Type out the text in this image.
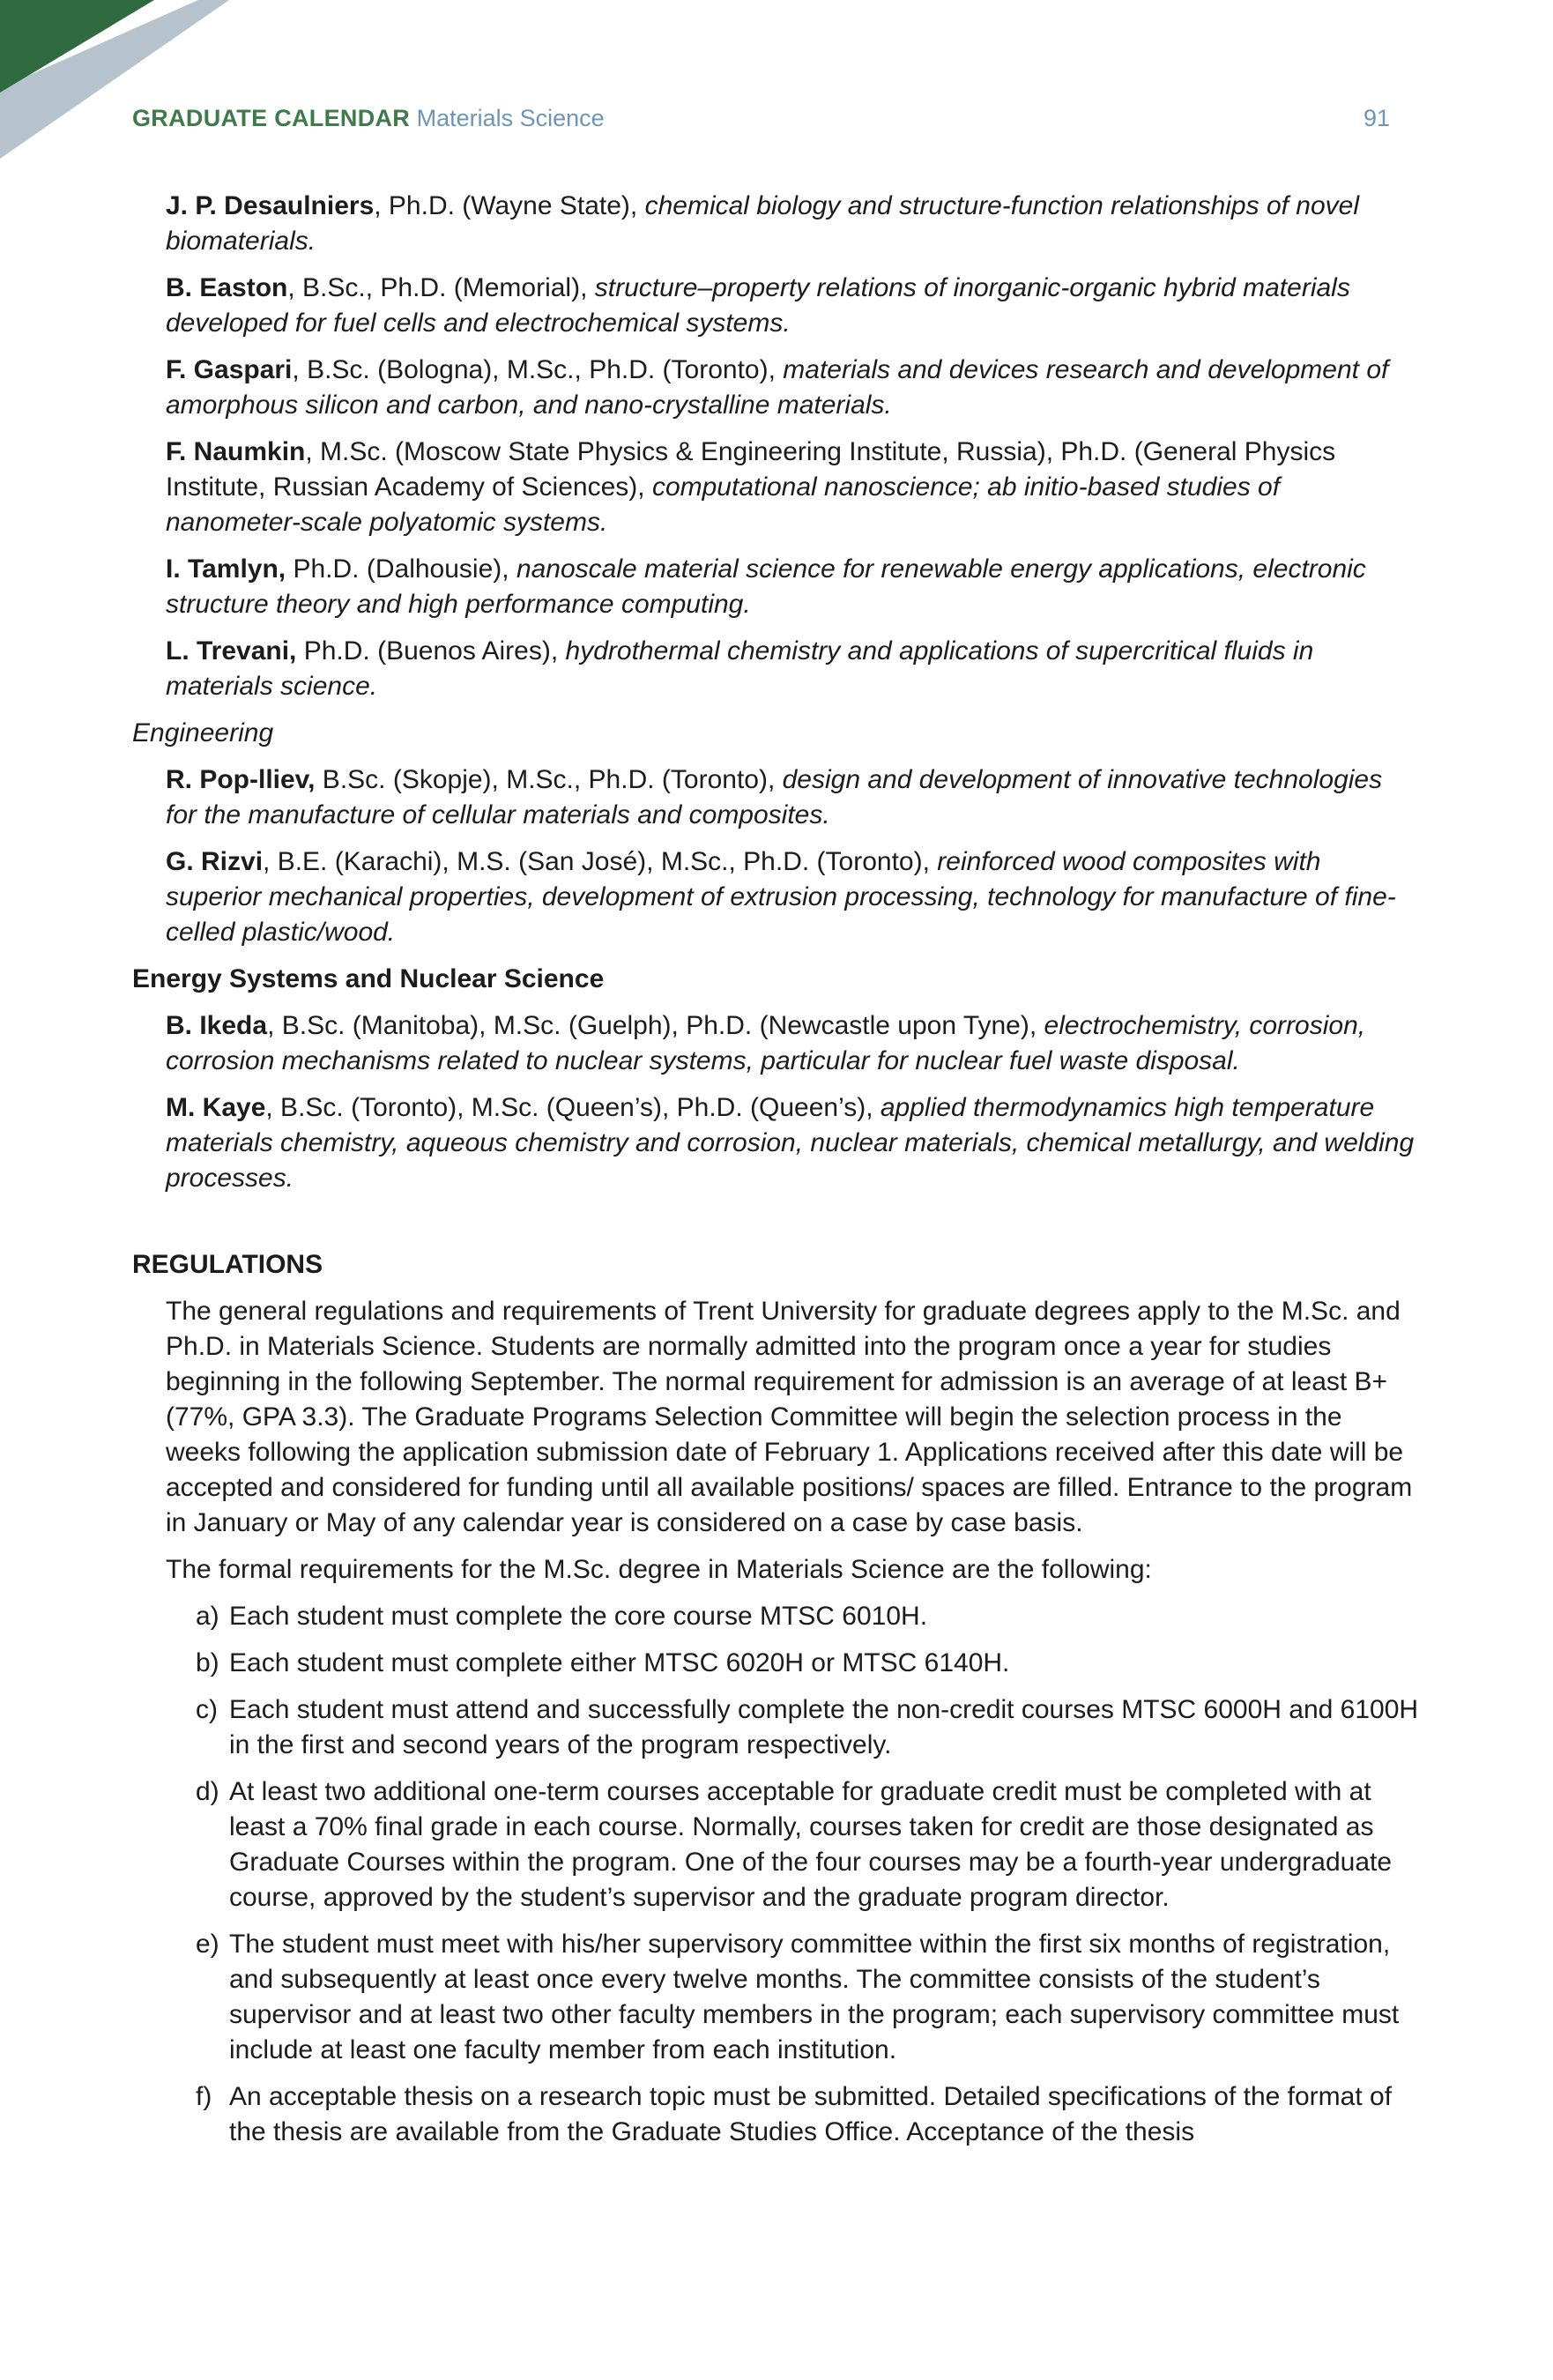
GRADUATE CALENDAR Materials Science	91
J. P. Desaulniers, Ph.D. (Wayne State), chemical biology and structure-function relationships of novel biomaterials.
B. Easton, B.Sc., Ph.D. (Memorial), structure–property relations of inorganic-organic hybrid materials developed for fuel cells and electrochemical systems.
F. Gaspari, B.Sc. (Bologna), M.Sc., Ph.D. (Toronto), materials and devices research and development of amorphous silicon and carbon, and nano-crystalline materials.
F. Naumkin, M.Sc. (Moscow State Physics & Engineering Institute, Russia), Ph.D. (General Physics Institute, Russian Academy of Sciences), computational nanoscience; ab initio-based studies of nanometer-scale polyatomic systems.
I. Tamlyn, Ph.D. (Dalhousie), nanoscale material science for renewable energy applications, electronic structure theory and high performance computing.
L. Trevani, Ph.D. (Buenos Aires), hydrothermal chemistry and applications of supercritical fluids in materials science.
Engineering
R. Pop-lliev, B.Sc. (Skopje), M.Sc., Ph.D. (Toronto), design and development of innovative technologies for the manufacture of cellular materials and composites.
G. Rizvi, B.E. (Karachi), M.S. (San José), M.Sc., Ph.D. (Toronto), reinforced wood composites with superior mechanical properties, development of extrusion processing, technology for manufacture of fine-celled plastic/wood.
Energy Systems and Nuclear Science
B. Ikeda, B.Sc. (Manitoba), M.Sc. (Guelph), Ph.D. (Newcastle upon Tyne), electrochemistry, corrosion, corrosion mechanisms related to nuclear systems, particular for nuclear fuel waste disposal.
M. Kaye, B.Sc. (Toronto), M.Sc. (Queen’s), Ph.D. (Queen’s), applied thermodynamics high temperature materials chemistry, aqueous chemistry and corrosion, nuclear materials, chemical metallurgy, and welding processes.
REGULATIONS
The general regulations and requirements of Trent University for graduate degrees apply to the M.Sc. and Ph.D. in Materials Science. Students are normally admitted into the program once a year for studies beginning in the following September. The normal requirement for admission is an average of at least B+ (77%, GPA 3.3). The Graduate Programs Selection Committee will begin the selection process in the weeks following the application submission date of February 1. Applications received after this date will be accepted and considered for funding until all available positions/ spaces are filled. Entrance to the program in January or May of any calendar year is considered on a case by case basis.
The formal requirements for the M.Sc. degree in Materials Science are the following:
a) Each student must complete the core course MTSC 6010H.
b) Each student must complete either MTSC 6020H or MTSC 6140H.
c) Each student must attend and successfully complete the non-credit courses MTSC 6000H and 6100H in the first and second years of the program respectively.
d) At least two additional one-term courses acceptable for graduate credit must be completed with at least a 70% final grade in each course. Normally, courses taken for credit are those designated as Graduate Courses within the program. One of the four courses may be a fourth-year undergraduate course, approved by the student’s supervisor and the graduate program director.
e) The student must meet with his/her supervisory committee within the first six months of registration, and subsequently at least once every twelve months. The committee consists of the student’s supervisor and at least two other faculty members in the program; each supervisory committee must include at least one faculty member from each institution.
f) An acceptable thesis on a research topic must be submitted. Detailed specifications of the format of the thesis are available from the Graduate Studies Office. Acceptance of the thesis
